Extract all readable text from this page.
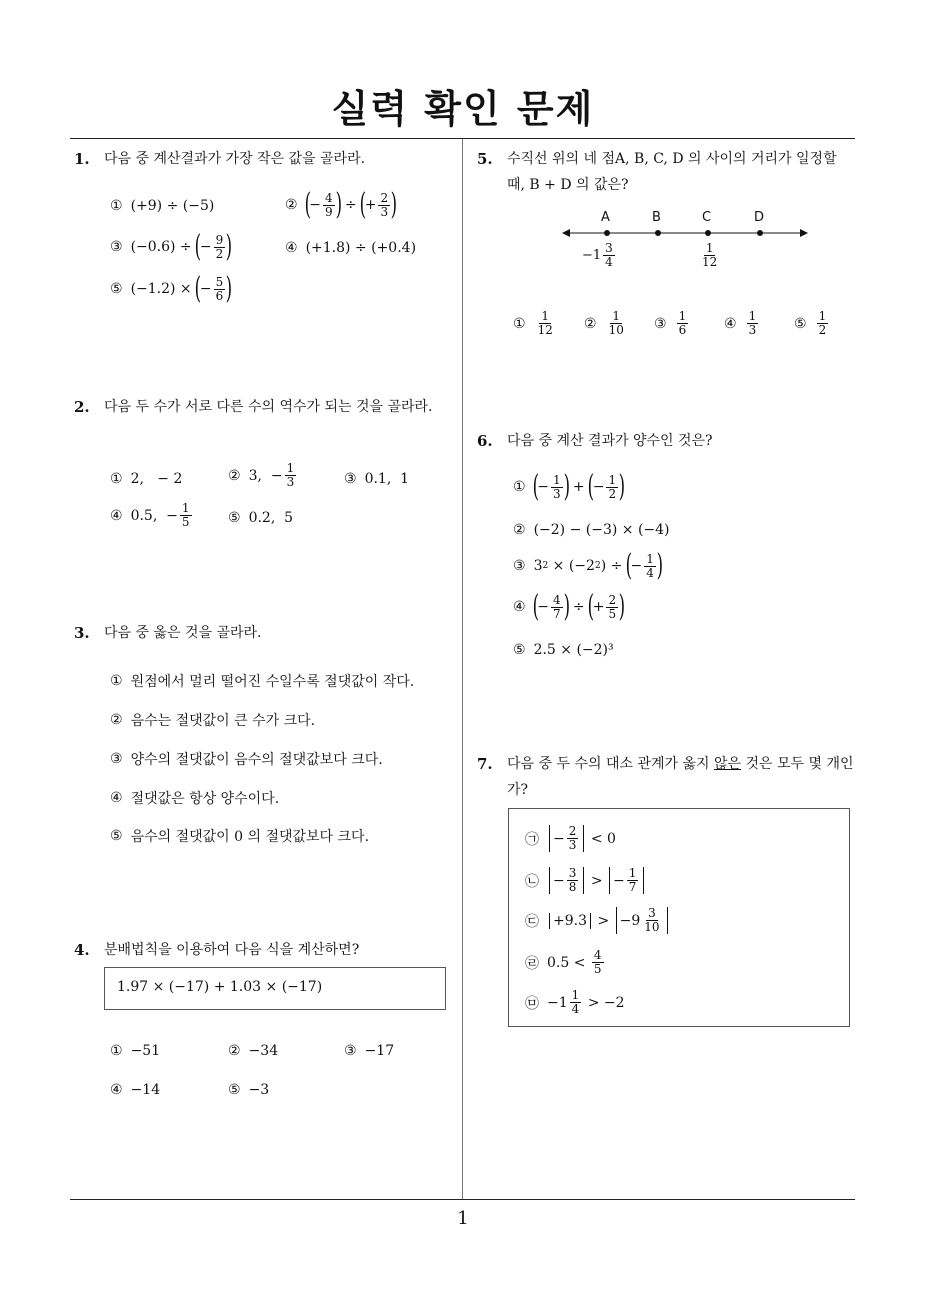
실력 확인 문제
1
1.	다음 중 계산결과가 가장 작은 값을 골라라.
① (+9) ÷ (−5)	② (
− $\frac{4}{9}$ )
÷
(
+ $\frac{2}{3}$ )
③ (−0.6) ÷
(
− $\frac{9}{2}$ )	④ (+1.8) ÷ (+0.4)
⑤ (−1.2) ×
(
− $\frac{5}{6}$ )
2.	다음 두 수가 서로 다른 수의 역수가 되는 것을 골라라.
① 2,   − 2	② 3,  − $\frac{1}{3}$	③ 0.1,  1
④ 0.5,  − $\frac{1}{5}$	⑤ 0.2,  5
3.	다음 중 옳은 것을 골라라.
① 원점에서 멀리 떨어진 수일수록 절댓값이 작다.
② 음수는 절댓값이 큰 수가 크다.
③ 양수의 절댓값이 음수의 절댓값보다 크다.
④ 절댓값은 항상 양수이다.
⑤ 음수의 절댓값이 0 의 절댓값보다 크다.
4.	분배법칙을 이용하여 다음 식을 계산하면?
1.97 × (−17) + 1.03 × (−17)
① −51	② −34	③ −17
④ −14	⑤ −3
5.	수직선 위의 네 점A, B, C, D 의 사이의 거리가 일정할 때, B + D 의 값은?
A	B	C	D
$-1 \frac{3}{4}$	$\frac{1}{12}$
① $\frac{1}{12}$ ② $\frac{1}{10}$ ③ $\frac{1}{6}$	④ $\frac{1}{3}$	⑤ $\frac{1}{2}$
6.	다음 중 계산 결과가 양수인 것은?
① (
− $\frac{1}{3}$ )
+
(
− $\frac{1}{2}$ )
② (−2) − (−3) × (−4)
③ 3 2 × (−2 2 ) ÷
(
− $\frac{1}{4}$ )
④ (
− $\frac{4}{7}$ )
÷
(
+ $\frac{2}{5}$ )
⑤ 2.5 × (−2)³
7.	다음 중 두 수의 대소 관계가 옳지 않은 것은 모두 몇 개인가?
㉠ − $\frac{2}{3} < 0$
㉡ − $\frac{3}{8}$ > − $\frac{1}{7}$
㉢ $+9.3 > -9 \frac{3}{10}$
㉣ $0.5 < \frac{4}{5}$
㉤ $-1 \frac{1}{4} > -2$
